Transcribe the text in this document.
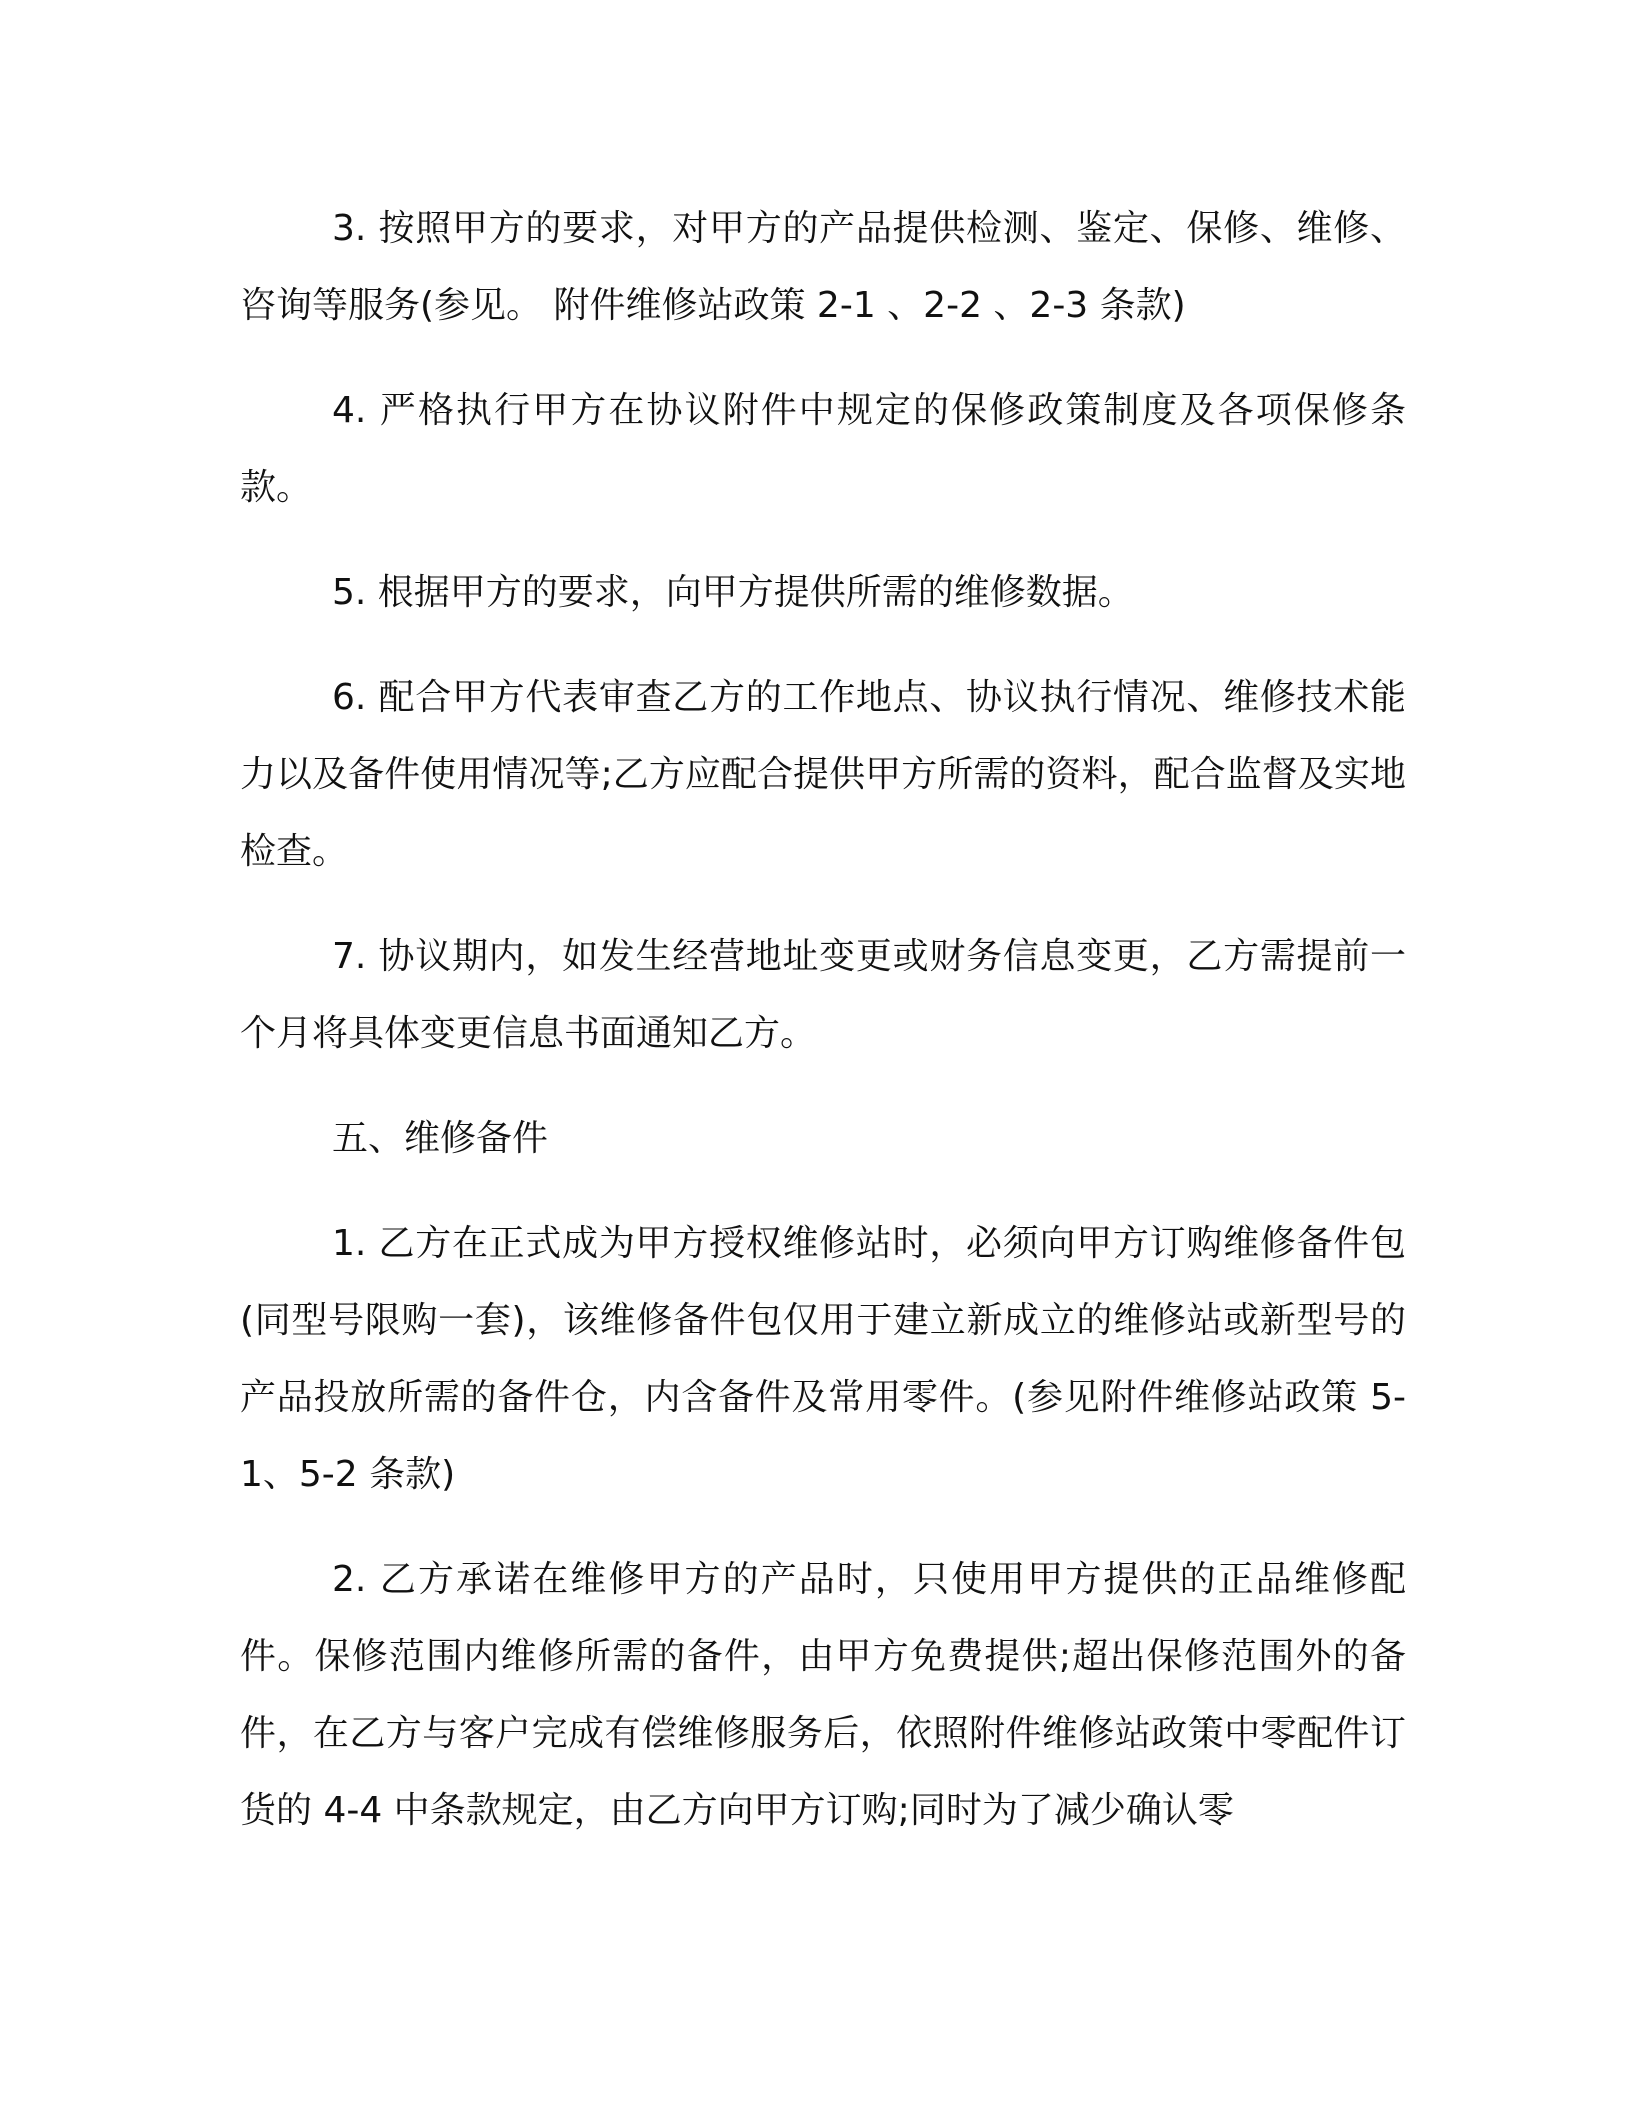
3. 按照甲方的要求，对甲方的产品提供检测、鉴定、保修、维修、咨询等服务(参见。 附件维修站政策 2-1 、2-2 、2-3 条款)

4. 严格执行甲方在协议附件中规定的保修政策制度及各项保修条款。

5. 根据甲方的要求，向甲方提供所需的维修数据。

6. 配合甲方代表审查乙方的工作地点、协议执行情况、维修技术能力以及备件使用情况等;乙方应配合提供甲方所需的资料，配合监督及实地检查。

7. 协议期内，如发生经营地址变更或财务信息变更，乙方需提前一个月将具体变更信息书面通知乙方。

五、维修备件

1. 乙方在正式成为甲方授权维修站时，必须向甲方订购维修备件包(同型号限购一套)，该维修备件包仅用于建立新成立的维修站或新型号的产品投放所需的备件仓，内含备件及常用零件。(参见附件维修站政策 5-1、5-2 条款)

2. 乙方承诺在维修甲方的产品时，只使用甲方提供的正品维修配件。保修范围内维修所需的备件，由甲方免费提供;超出保修范围外的备件，在乙方与客户完成有偿维修服务后，依照附件维修站政策中零配件订货的 4-4 中条款规定，由乙方向甲方订购;同时为了减少确认零
